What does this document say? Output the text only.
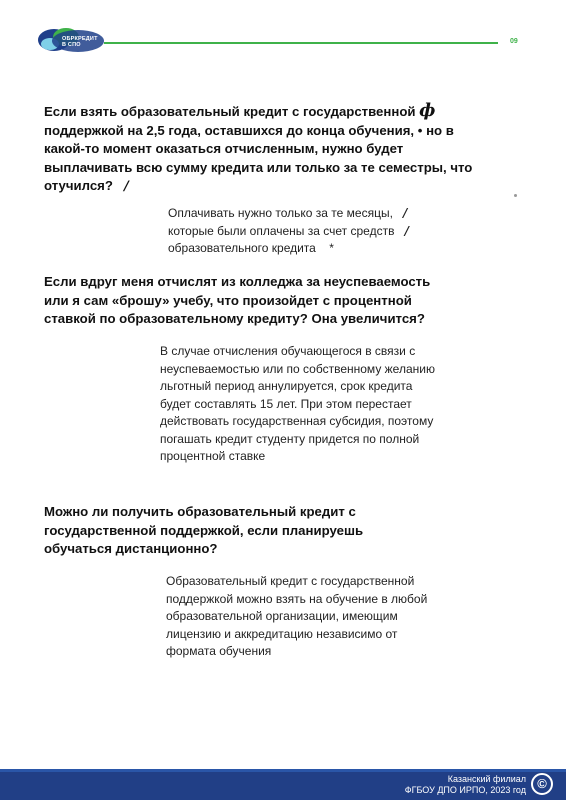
ОБРКРЕДИТ
В СПО	09
Если взять образовательный кредит с государственной ф
поддержкой на 2,5 года, оставшихся до конца обучения, • но в
какой-то момент оказаться отчисленным, нужно будет
выплачивать всю сумму кредита или только за те семестры, что
отучился? /
Оплачивать нужно только за те месяцы, /
которые были оплачены за счет средств /
образовательного кредита *
Если вдруг меня отчислят из колледжа за неуспеваемость
или я сам «брошу» учебу, что произойдет с процентной
ставкой по образовательному кредиту? Она увеличится?
В случае отчисления обучающегося в связи с
неуспеваемостью или по собственному желанию
льготный период аннулируется, срок кредита
будет составлять 15 лет. При этом перестает
действовать государственная субсидия, поэтому
погашать кредит студенту придется по полной
процентной ставке
Можно ли получить образовательный кредит с
государственной поддержкой, если планируешь
обучаться дистанционно?
Образовательный кредит с государственной
поддержкой можно взять на обучение в любой
образовательной организации, имеющим
лицензию и аккредитацию независимо от
формата обучения
Казанский филиал
ФГБОУ ДПО ИРПО, 2023 год ©
